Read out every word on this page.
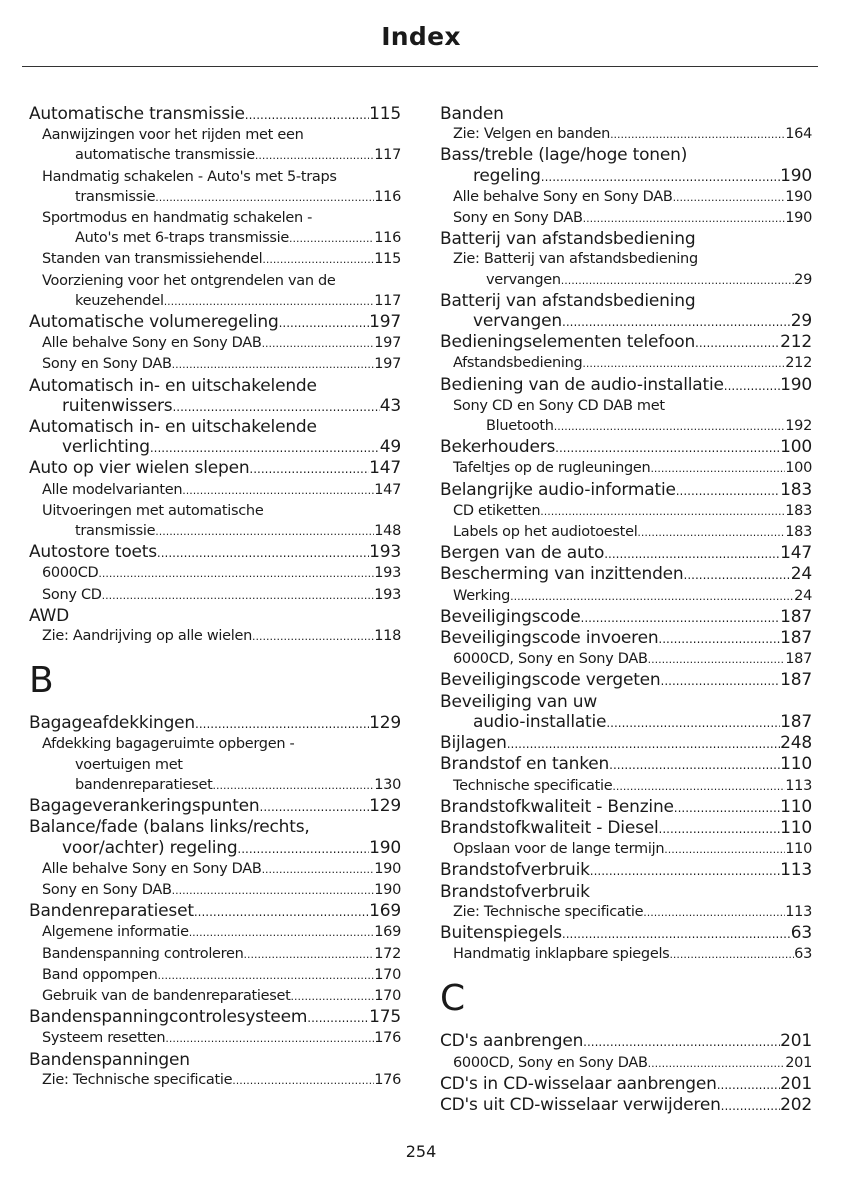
Index
Automatische transmissie .....	115
Aanwijzingen voor het rijden met een
automatische transmissie .....	117
Handmatig schakelen - Auto's met 5-traps
transmissie .....	116
Sportmodus en handmatig schakelen -
Auto's met 6-traps transmissie .....	116
Standen van transmissiehendel .....	115
Voorziening voor het ontgrendelen van de
keuzehendel .....	117
Automatische volumeregeling .....	197
Alle behalve Sony en Sony DAB .....	197
Sony en Sony DAB .....	197
Automatisch in- en uitschakelende
ruitenwissers .....	43
Automatisch in- en uitschakelende
verlichting .....	49
Auto op vier wielen slepen .....	147
Alle modelvarianten .....	147
Uitvoeringen met automatische
transmissie .....	148
Autostore toets .....	193
6000CD .....	193
Sony CD .....	193
AWD
Zie: Aandrijving op alle wielen .....	118
B
Bagageafdekkingen .....	129
Afdekking bagageruimte opbergen -
voertuigen met
bandenreparatieset .....	130
Bagageverankeringspunten .....	129
Balance/fade (balans links/rechts,
voor/achter) regeling .....	190
Alle behalve Sony en Sony DAB .....	190
Sony en Sony DAB .....	190
Bandenreparatieset .....	169
Algemene informatie .....	169
Bandenspanning controleren .....	172
Band oppompen .....	170
Gebruik van de bandenreparatieset .....	170
Bandenspanningcontrolesysteem .....	175
Systeem resetten .....	176
Bandenspanningen
Zie: Technische specificatie .....	176
Banden
Zie: Velgen en banden .....	164
Bass/treble (lage/hoge tonen)
regeling .....	190
Alle behalve Sony en Sony DAB .....	190
Sony en Sony DAB .....	190
Batterij van afstandsbediening
Zie: Batterij van afstandsbediening
vervangen .....	29
Batterij van afstandsbediening
vervangen .....	29
Bedieningselementen telefoon .....	212
Afstandsbediening .....	212
Bediening van de audio-installatie .....	190
Sony CD en Sony CD DAB met
Bluetooth .....	192
Bekerhouders .....	100
Tafeltjes op de rugleuningen .....	100
Belangrijke audio-informatie .....	183
CD etiketten .....	183
Labels op het audiotoestel .....	183
Bergen van de auto .....	147
Bescherming van inzittenden .....	24
Werking .....	24
Beveiligingscode .....	187
Beveiligingscode invoeren .....	187
6000CD, Sony en Sony DAB .....	187
Beveiligingscode vergeten .....	187
Beveiliging van uw
audio-installatie .....	187
Bijlagen .....	248
Brandstof en tanken .....	110
Technische specificatie .....	113
Brandstofkwaliteit - Benzine .....	110
Brandstofkwaliteit - Diesel .....	110
Opslaan voor de lange termijn .....	110
Brandstofverbruik .....	113
Brandstofverbruik
Zie: Technische specificatie .....	113
Buitenspiegels .....	63
Handmatig inklapbare spiegels .....	63
C
CD's aanbrengen .....	201
6000CD, Sony en Sony DAB .....	201
CD's in CD-wisselaar aanbrengen .....	201
CD's uit CD-wisselaar verwijderen .....	202
254
